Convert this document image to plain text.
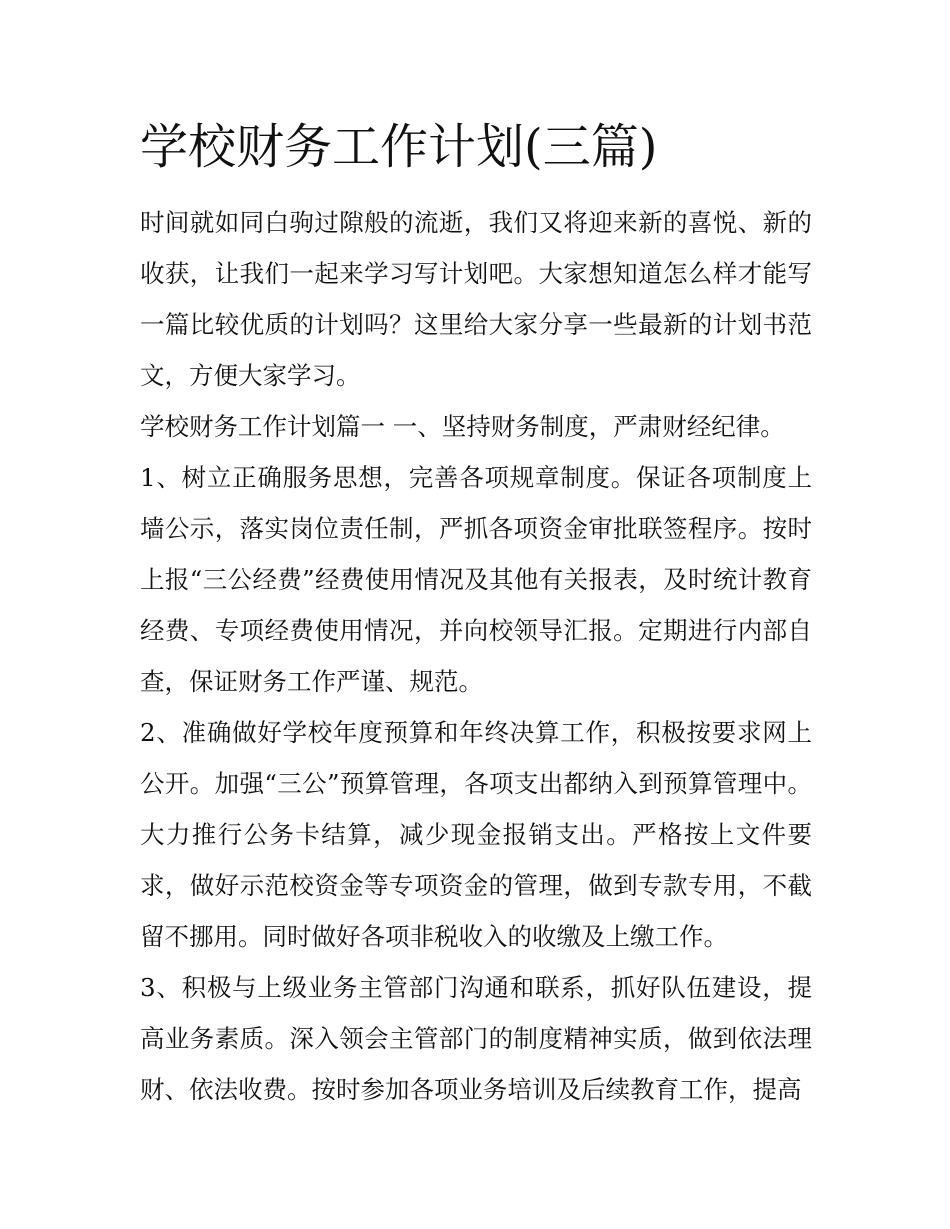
学校财务工作计划(三篇)

时间就如同白驹过隙般的流逝，我们又将迎来新的喜悦、新的收获，让我们一起来学习写计划吧。大家想知道怎么样才能写一篇比较优质的计划吗？这里给大家分享一些最新的计划书范文，方便大家学习。

学校财务工作计划篇一 一、坚持财务制度，严肃财经纪律。

1、树立正确服务思想，完善各项规章制度。保证各项制度上墙公示，落实岗位责任制，严抓各项资金审批联签程序。按时上报“三公经费”经费使用情况及其他有关报表，及时统计教育经费、专项经费使用情况，并向校领导汇报。定期进行内部自查，保证财务工作严谨、规范。

2、准确做好学校年度预算和年终决算工作，积极按要求网上公开。加强“三公”预算管理，各项支出都纳入到预算管理中。大力推行公务卡结算，减少现金报销支出。严格按上文件要求，做好示范校资金等专项资金的管理，做到专款专用，不截留不挪用。同时做好各项非税收入的收缴及上缴工作。

3、积极与上级业务主管部门沟通和联系，抓好队伍建设，提高业务素质。深入领会主管部门的制度精神实质，做到依法理财、依法收费。按时参加各项业务培训及后续教育工作，提高
